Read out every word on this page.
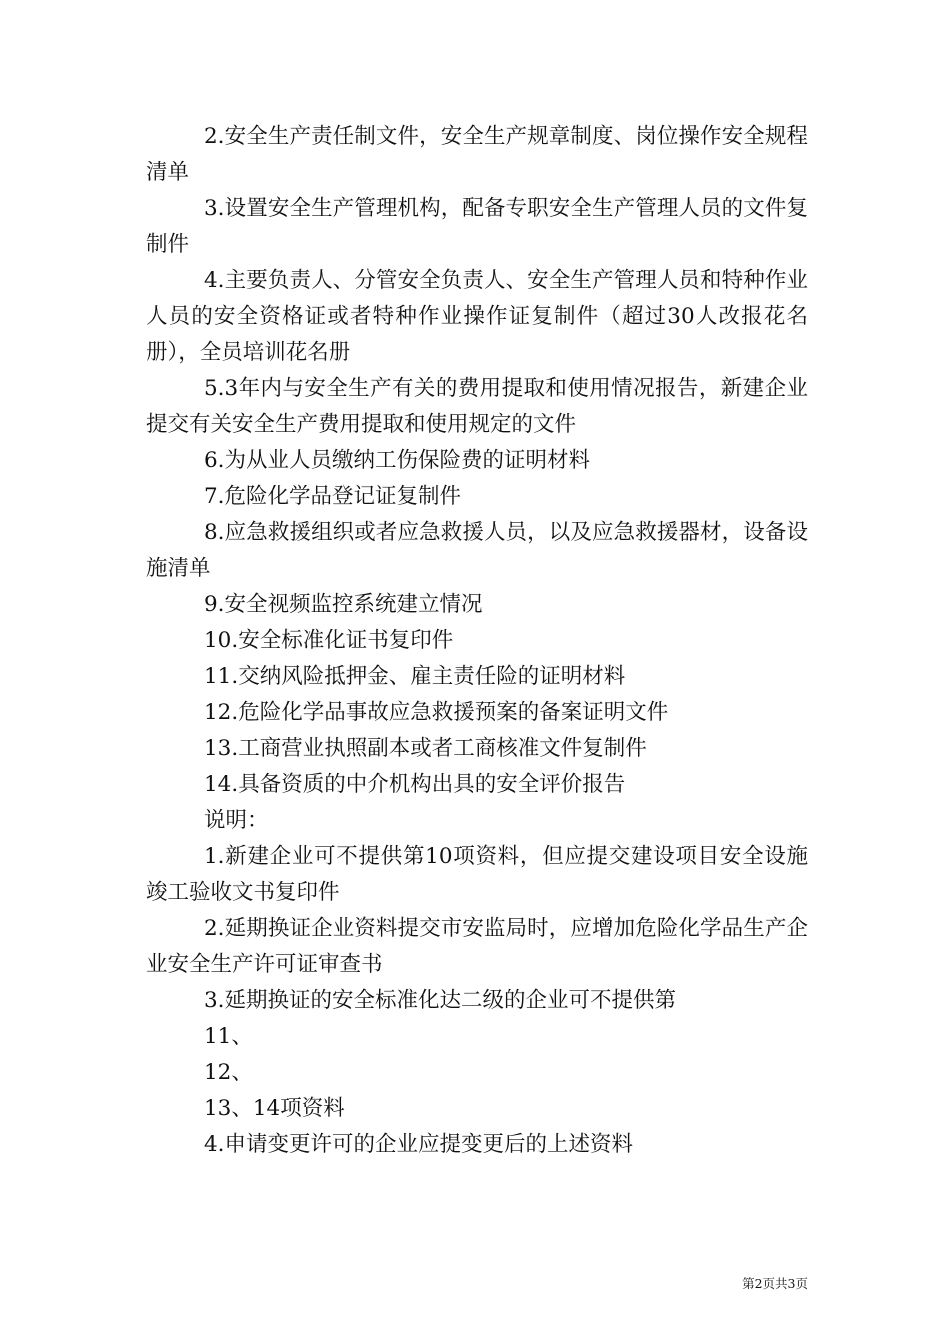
2.安全生产责任制文件，安全生产规章制度、岗位操作安全规程清单

3.设置安全生产管理机构，配备专职安全生产管理人员的文件复制件

4.主要负责人、分管安全负责人、安全生产管理人员和特种作业人员的安全资格证或者特种作业操作证复制件（超过30人改报花名册），全员培训花名册

5.3年内与安全生产有关的费用提取和使用情况报告，新建企业提交有关安全生产费用提取和使用规定的文件

6.为从业人员缴纳工伤保险费的证明材料

7.危险化学品登记证复制件

8.应急救援组织或者应急救援人员，以及应急救援器材，设备设施清单

9.安全视频监控系统建立情况

10.安全标准化证书复印件

11.交纳风险抵押金、雇主责任险的证明材料

12.危险化学品事故应急救援预案的备案证明文件

13.工商营业执照副本或者工商核准文件复制件

14.具备资质的中介机构出具的安全评价报告

说明：

1.新建企业可不提供第10项资料，但应提交建设项目安全设施竣工验收文书复印件

2.延期换证企业资料提交市安监局时，应增加危险化学品生产企业安全生产许可证审查书

3.延期换证的安全标准化达二级的企业可不提供第

11、

12、

13、14项资料

4.申请变更许可的企业应提变更后的上述资料

第2页共3页
